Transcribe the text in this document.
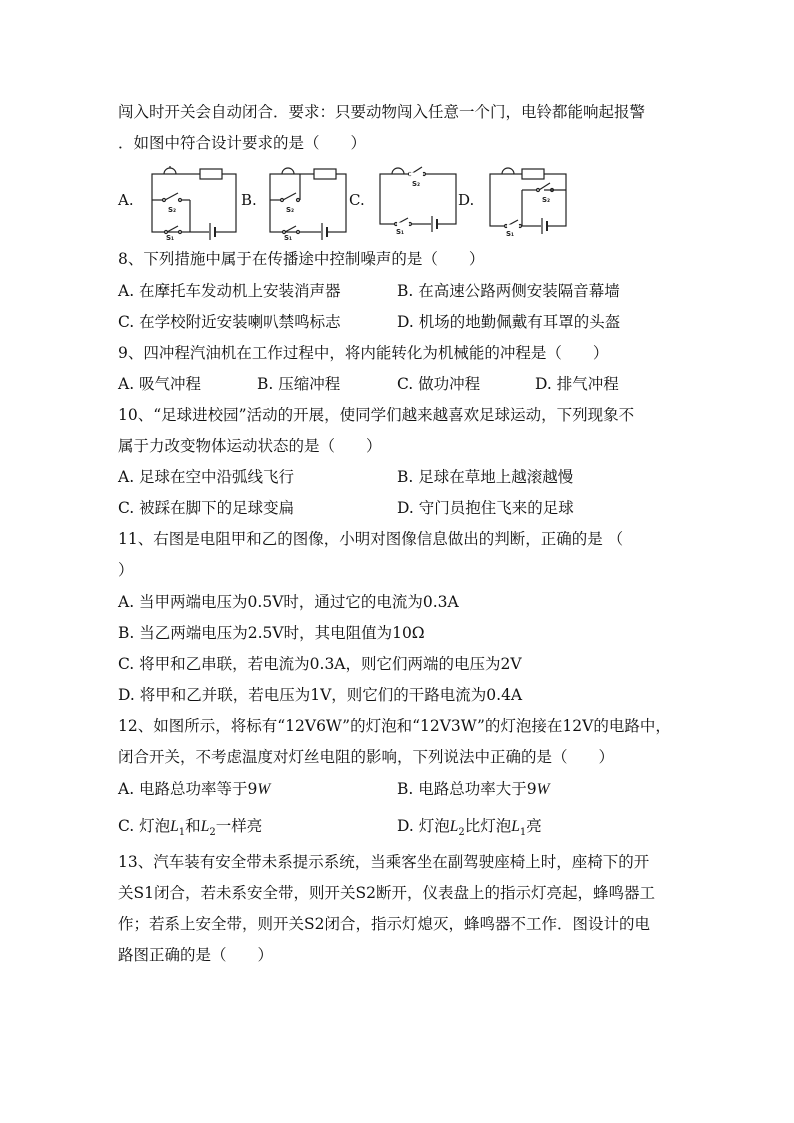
闯入时开关会自动闭合．要求：只要动物闯入任意一个门，电铃都能响起报警
．如图中符合设计要求的是（　　）
A.
S₂
S₁
B.
S₂
S₁
C.
S₂
S₁
D.	S₂
S₁
8、下列措施中属于在传播途中控制噪声的是（　　）
A. 在摩托车发动机上安装消声器	B. 在高速公路两侧安装隔音幕墙
C. 在学校附近安装喇叭禁鸣标志	D. 机场的地勤佩戴有耳罩的头盔
9、四冲程汽油机在工作过程中，将内能转化为机械能的冲程是（　　）
A. 吸气冲程	B. 压缩冲程	C. 做功冲程	D. 排气冲程
10、“足球进校园”活动的开展，使同学们越来越喜欢足球运动，下列现象不
属于力改变物体运动状态的是（　　）
A. 足球在空中沿弧线飞行	B. 足球在草地上越滚越慢
C. 被踩在脚下的足球变扁	D. 守门员抱住飞来的足球
11、右图是电阻甲和乙的图像，小明对图像信息做出的判断，正确的是 （
）
A. 当甲两端电压为0.5V时，通过它的电流为0.3A
B. 当乙两端电压为2.5V时，其电阻值为10Ω
C. 将甲和乙串联，若电流为0.3A，则它们两端的电压为2V
D. 将甲和乙并联，若电压为1V，则它们的干路电流为0.4A
12、如图所示，将标有“12V6W”的灯泡和“12V3W”的灯泡接在12V的电路中，
闭合开关，不考虑温度对灯丝电阻的影响，下列说法中正确的是（　　）
A. 电路总功率等于9W	B. 电路总功率大于9W
C. 灯泡$L_1$和$L_2$一样亮	D. 灯泡$L_2$比灯泡$L_1$亮
13、汽车装有安全带未系提示系统，当乘客坐在副驾驶座椅上时，座椅下的开
关S1闭合，若未系安全带，则开关S2断开，仪表盘上的指示灯亮起，蜂鸣器工
作；若系上安全带，则开关S2闭合，指示灯熄灭，蜂鸣器不工作．图设计的电
路图正确的是（　　）
